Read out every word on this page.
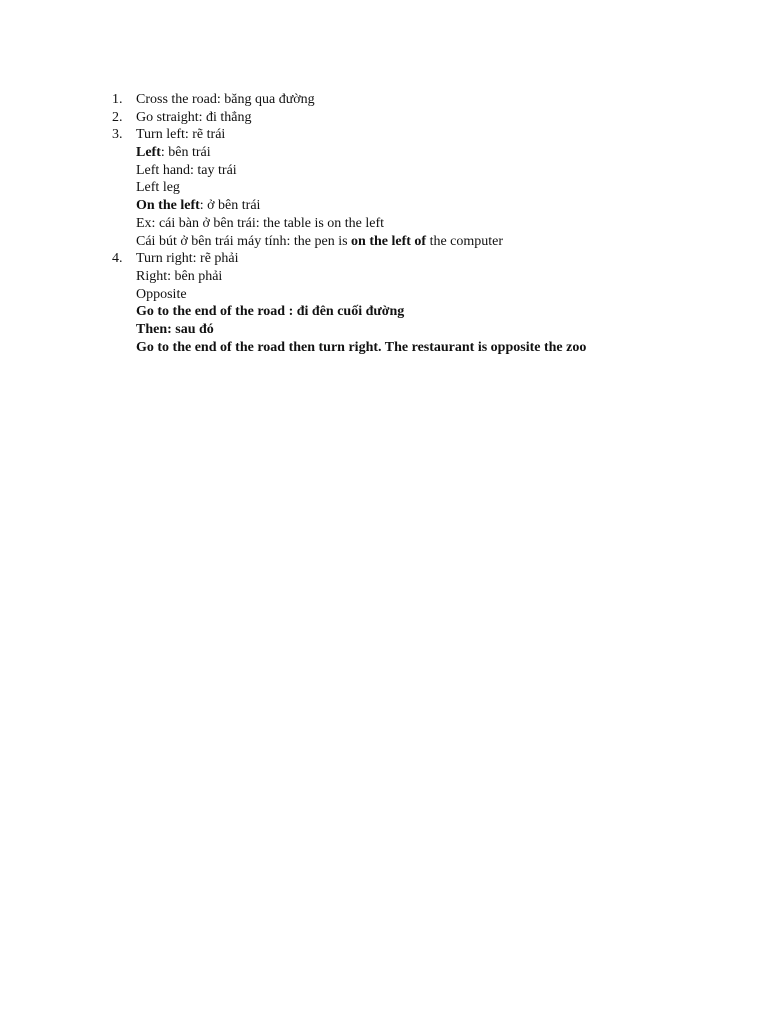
1. Cross the road: băng qua đường
2. Go straight: đi thẳng
3. Turn left: rẽ trái
Left: bên trái
Left hand: tay trái
Left leg
On the left: ở bên trái
Ex: cái bàn ở bên trái: the table is on the left
Cái bút ở bên trái máy tính: the pen is on the left of the computer
4. Turn right: rẽ phải
Right: bên phải
Opposite
Go to the end of the road : đi đên cuối đường
Then: sau đó
Go to the end of the road then turn right. The restaurant is opposite the zoo
